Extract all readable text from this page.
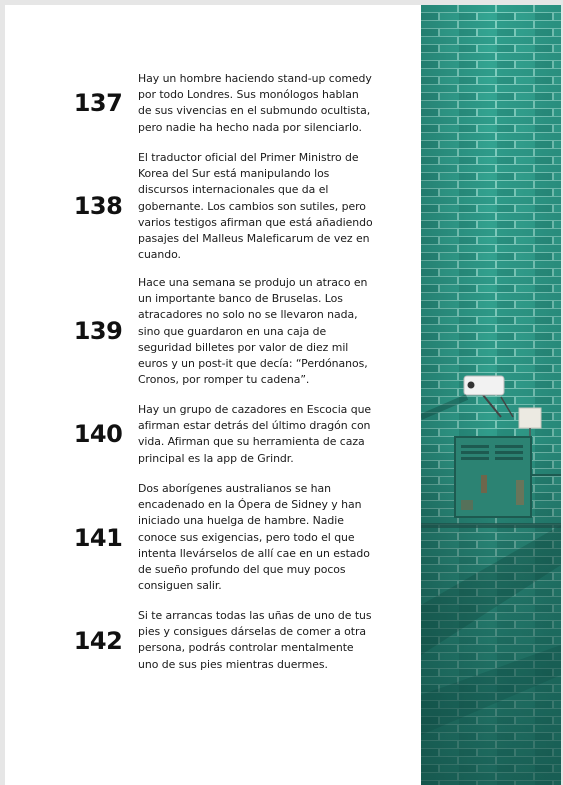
137
Hay un hombre haciendo stand-up comedy
por todo Londres. Sus monólogos hablan
de sus vivencias en el submundo ocultista,
pero nadie ha hecho nada por silenciarlo.
138
El traductor oficial del Primer Ministro de
Korea del Sur está manipulando los
discursos internacionales que da el
gobernante. Los cambios son sutiles, pero
varios testigos afirman que está añadiendo
pasajes del Malleus Maleficarum de vez en
cuando.
139
Hace una semana se produjo un atraco en
un importante banco de Bruselas. Los
atracadores no solo no se llevaron nada,
sino que guardaron en una caja de
seguridad billetes por valor de diez mil
euros y un post-it que decía: “Perdónanos,
Cronos, por romper tu cadena”.
140
Hay un grupo de cazadores en Escocia que
afirman estar detrás del último dragón con
vida. Afirman que su herramienta de caza
principal es la app de Grindr.
141
Dos aborígenes australianos se han
encadenado en la Ópera de Sidney y han
iniciado una huelga de hambre. Nadie
conoce sus exigencias, pero todo el que
intenta llevárselos de allí cae en un estado
de sueño profundo del que muy pocos
consiguen salir.
142
Si te arrancas todas las uñas de uno de tus
pies y consigues dárselas de comer a otra
persona, podrás controlar mentalmente
uno de sus pies mientras duermes.
